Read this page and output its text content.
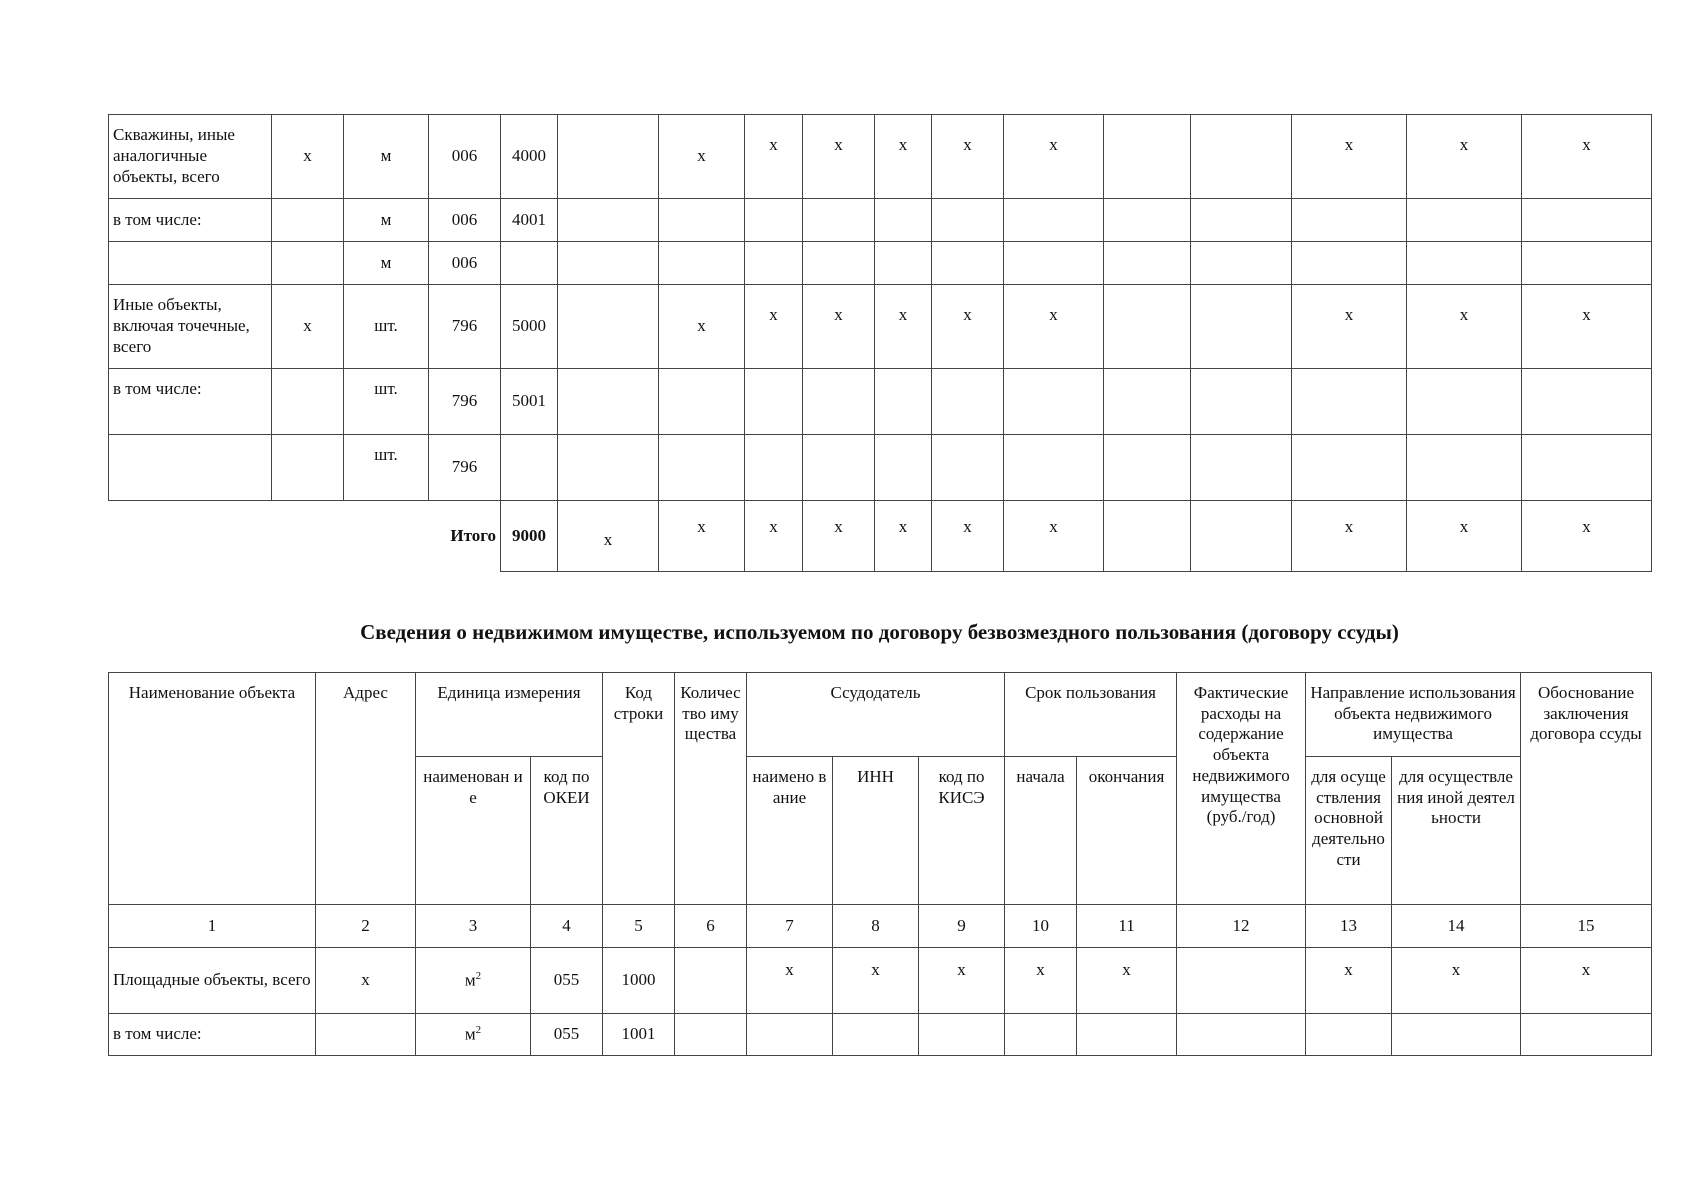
Скважины, иные аналогичные объекты, всего	х	м	006	4000		х	х	х	х	х	х			х	х	х
в том числе:		м	006	4001												
		м	006													
Иные объекты, включая точечные, всего	х	шт.	796	5000		х	х	х	х	х	х			х	х	х
в том числе:		шт.	796	5001												
		шт.	796													
Итого				9000	х	х	х	х	х	х	х			х	х	х
Сведения о недвижимом имуществе, используемом по договору безвозмездного пользования (договору ссуды)
Наименование объекта	Адрес	Единица измерения		Код строки	Количество имущества	Ссудодатель			Срок пользования		Фактические расходы на содержание объекта недвижимого имущества (руб./год)	Направление использования объекта недвижимого имущества		Обоснование заключения договора ссуды
		наименован ие	код по ОКЕИ			наимено вание	ИНН	код по КИСЭ	начала	окончания		для осуществления основной деятельности	для осуществления иной деятельности	
1	2	3	4	5	6	7	8	9	10	11	12	13	14	15
Площадные объекты, всего	х	$м^2$	055	1000		х	х	х	х	х		х	х	х
в том числе:		$м^2$	055	1001										
